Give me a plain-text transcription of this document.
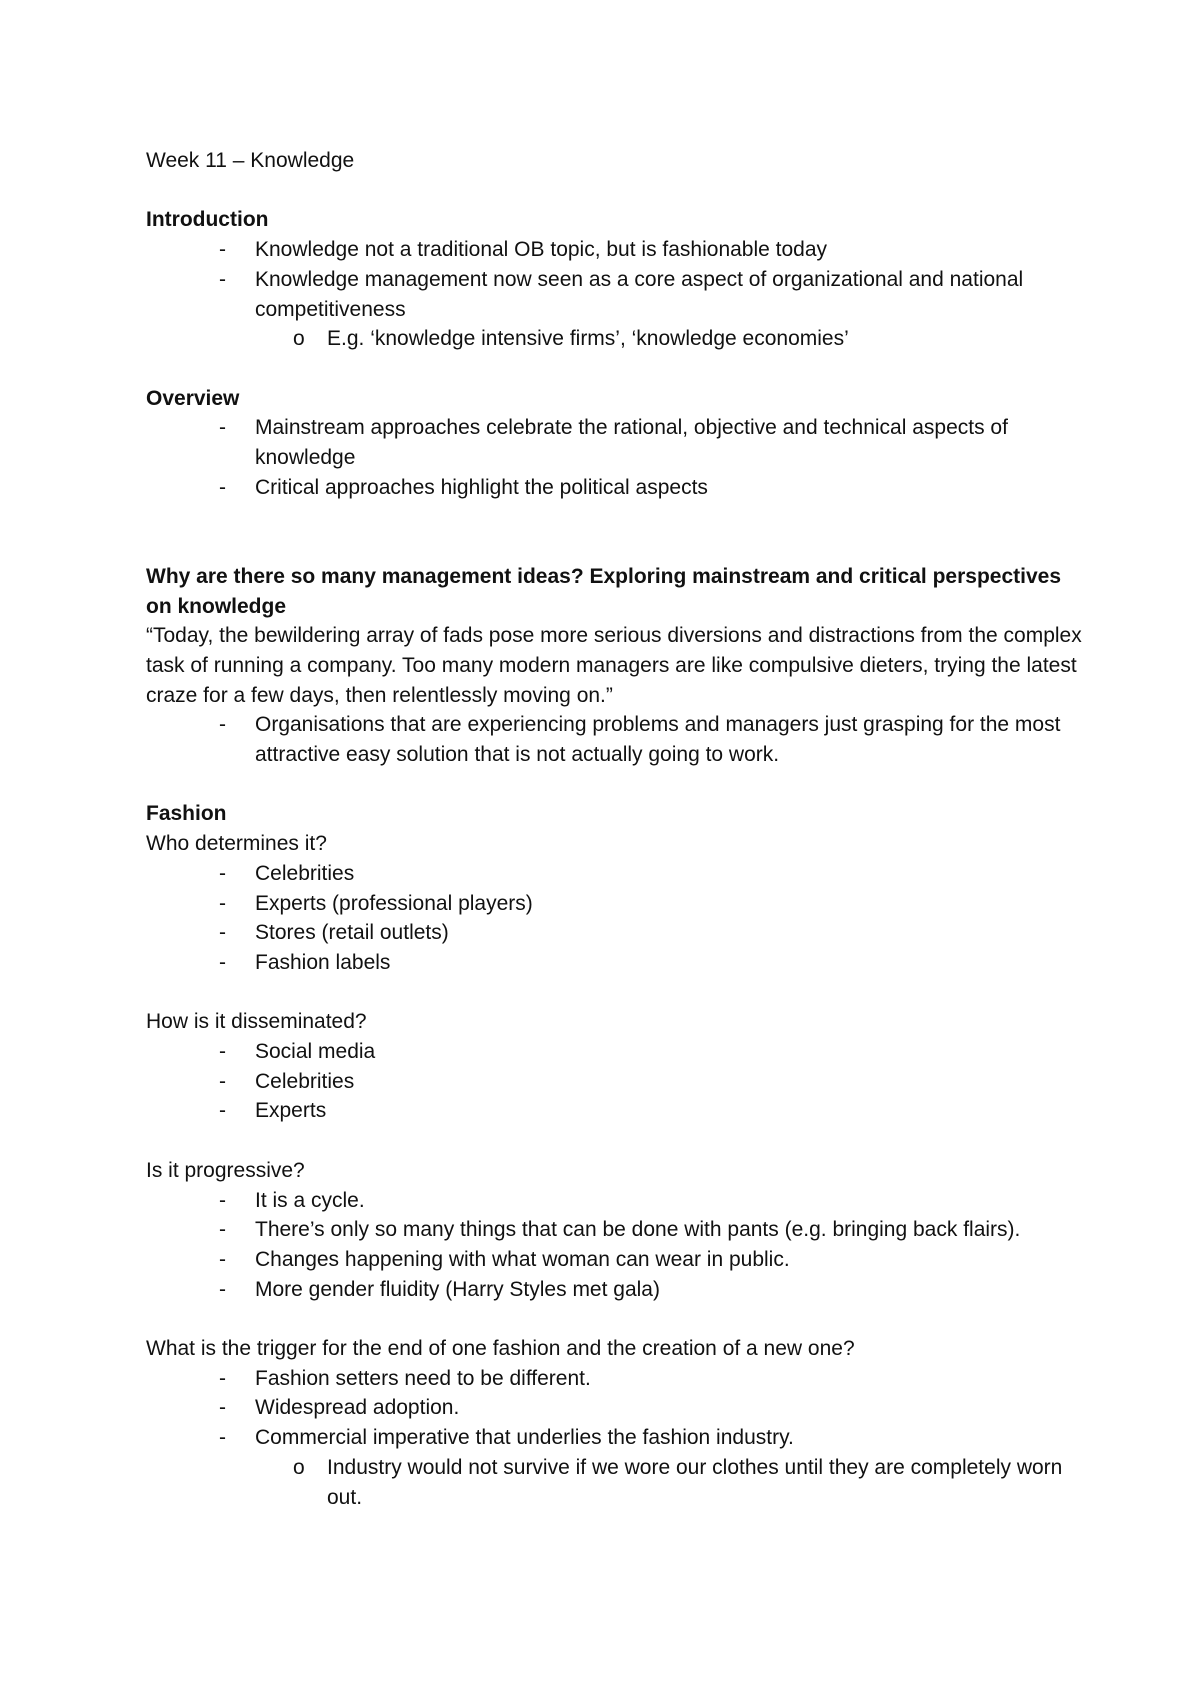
Week 11 – Knowledge

Introduction

- Knowledge not a traditional OB topic, but is fashionable today
- Knowledge management now seen as a core aspect of organizational and national competitiveness
o E.g. ‘knowledge intensive firms’, ‘knowledge economies’

Overview

- Mainstream approaches celebrate the rational, objective and technical aspects of knowledge
- Critical approaches highlight the political aspects

Why are there so many management ideas? Exploring mainstream and critical perspectives on knowledge

“Today, the bewildering array of fads pose more serious diversions and distractions from the complex task of running a company. Too many modern managers are like compulsive dieters, trying the latest craze for a few days, then relentlessly moving on.”

- Organisations that are experiencing problems and managers just grasping for the most attractive easy solution that is not actually going to work.

Fashion

Who determines it?

- Celebrities
- Experts (professional players)
- Stores (retail outlets)
- Fashion labels

How is it disseminated?

- Social media
- Celebrities
- Experts

Is it progressive?

- It is a cycle.
- There’s only so many things that can be done with pants (e.g. bringing back flairs).
- Changes happening with what woman can wear in public.
- More gender fluidity (Harry Styles met gala)

What is the trigger for the end of one fashion and the creation of a new one?

- Fashion setters need to be different.
- Widespread adoption.
- Commercial imperative that underlies the fashion industry.
o Industry would not survive if we wore our clothes until they are completely worn out.
